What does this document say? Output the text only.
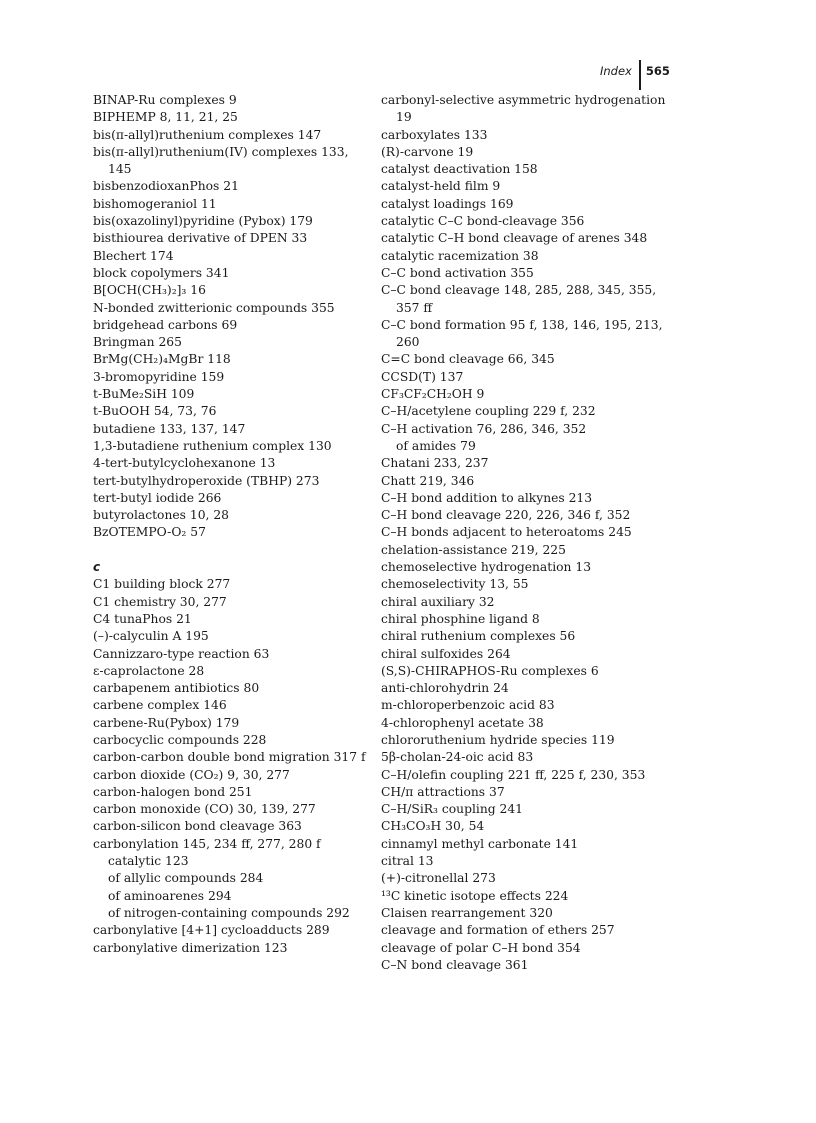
Index	565
BINAP-Ru complexes 9
BIPHEMP 8, 11, 21, 25
bis(π-allyl)ruthenium complexes 147
bis(π-allyl)ruthenium(IV) complexes 133,
145
bisbenzodioxanPhos 21
bishomogeraniol 11
bis(oxazolinyl)pyridine (Pybox) 179
bisthiourea derivative of DPEN 33
Blechert 174
block copolymers 341
B[OCH(CH₃)₂]₃ 16
N-bonded zwitterionic compounds 355
bridgehead carbons 69
Bringman 265
BrMg(CH₂)₄MgBr 118
3-bromopyridine 159
t-BuMe₂SiH 109
t-BuOOH 54, 73, 76
butadiene 133, 137, 147
1,3-butadiene ruthenium complex 130
4-tert-butylcyclohexanone 13
tert-butylhydroperoxide (TBHP) 273
tert-butyl iodide 266
butyrolactones 10, 28
BzOTEMPO-O₂ 57
c
C1 building block 277
C1 chemistry 30, 277
C4 tunaPhos 21
(–)-calyculin A 195
Cannizzaro-type reaction 63
ε-caprolactone 28
carbapenem antibiotics 80
carbene complex 146
carbene-Ru(Pybox) 179
carbocyclic compounds 228
carbon-carbon double bond migration 317 f
carbon dioxide (CO₂) 9, 30, 277
carbon-halogen bond 251
carbon monoxide (CO) 30, 139, 277
carbon-silicon bond cleavage 363
carbonylation 145, 234 ff, 277, 280 f
catalytic 123
of allylic compounds 284
of aminoarenes 294
of nitrogen-containing compounds 292
carbonylative [4+1] cycloadducts 289
carbonylative dimerization 123
carbonyl-selective asymmetric hydrogenation
19
carboxylates 133
(R)-carvone 19
catalyst deactivation 158
catalyst-held film 9
catalyst loadings 169
catalytic C–C bond-cleavage 356
catalytic C–H bond cleavage of arenes 348
catalytic racemization 38
C–C bond activation 355
C–C bond cleavage 148, 285, 288, 345, 355,
357 ff
C–C bond formation 95 f, 138, 146, 195, 213,
260
C=C bond cleavage 66, 345
CCSD(T) 137
CF₃CF₂CH₂OH 9
C–H/acetylene coupling 229 f, 232
C–H activation 76, 286, 346, 352
of amides 79
Chatani 233, 237
Chatt 219, 346
C–H bond addition to alkynes 213
C–H bond cleavage 220, 226, 346 f, 352
C–H bonds adjacent to heteroatoms 245
chelation-assistance 219, 225
chemoselective hydrogenation 13
chemoselectivity 13, 55
chiral auxiliary 32
chiral phosphine ligand 8
chiral ruthenium complexes 56
chiral sulfoxides 264
(S,S)-CHIRAPHOS-Ru complexes 6
anti-chlorohydrin 24
m-chloroperbenzoic acid 83
4-chlorophenyl acetate 38
chlororuthenium hydride species 119
5β-cholan-24-oic acid 83
C–H/olefin coupling 221 ff, 225 f, 230, 353
CH/π attractions 37
C–H/SiR₃ coupling 241
CH₃CO₃H 30, 54
cinnamyl methyl carbonate 141
citral 13
(+)-citronellal 273
¹³C kinetic isotope effects 224
Claisen rearrangement 320
cleavage and formation of ethers 257
cleavage of polar C–H bond 354
C–N bond cleavage 361
